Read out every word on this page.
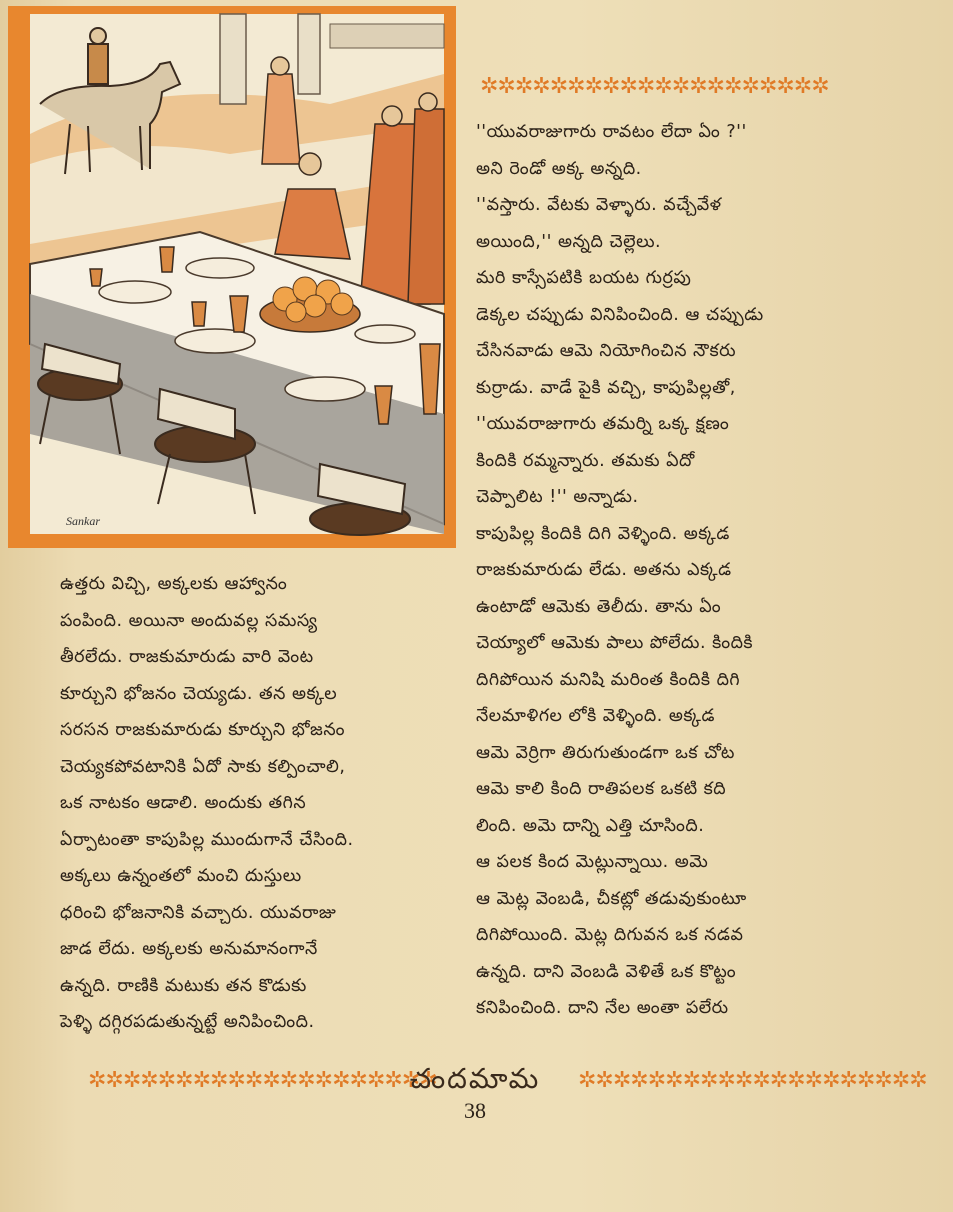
Sankar
✲✲✲✲✲✲✲✲✲✲✲✲✲✲✲✲✲✲✲✲

''యువరాజుగారు రావటం లేదా ఏం ?''

అని రెండో అక్క అన్నది.

''వస్తారు. వేటకు వెళ్ళారు. వచ్చేవేళ

అయింది,'' అన్నది చెల్లెలు.

మరి కాస్సేపటికి బయట గుర్రపు

డెక్కల చప్పుడు వినిపించింది. ఆ చప్పుడు

చేసినవాడు ఆమె నియోగించిన నౌకరు

కుర్రాడు. వాడే పైకి వచ్చి, కాపుపిల్లతో,

''యువరాజుగారు తమర్ని ఒక్క క్షణం

కిందికి రమ్మన్నారు. తమకు ఏదో

చెప్పాలిట !'' అన్నాడు.

కాపుపిల్ల కిందికి దిగి వెళ్ళింది. అక్కడ

రాజకుమారుడు లేడు. అతను ఎక్కడ

ఉంటాడో ఆమెకు తెలీదు. తాను ఏం

చెయ్యాలో ఆమెకు పాలు పోలేదు. కిందికి

దిగిపోయిన మనిషి మరింత కిందికి దిగి

నేలమాళిగల లోకి వెళ్ళింది. అక్కడ

ఆమె వెర్రిగా తిరుగుతుండగా ఒక చోట

ఆమె కాలి కింది రాతిపలక ఒకటి కది

లింది. అమె దాన్ని ఎత్తి చూసింది.

ఆ పలక కింద మెట్లున్నాయి. అమె

ఆ మెట్ల వెంబడి, చీకట్లో తడువుకుంటూ

దిగిపోయింది. మెట్ల దిగువన ఒక నడవ

ఉన్నది. దాని వెంబడి వెళితే ఒక కొట్టం

కనిపించింది. దాని నేల అంతా పలేరు

ఉత్తరు విచ్చి, అక్కలకు ఆహ్వానం

పంపింది. అయినా అందువల్ల సమస్య

తీరలేదు. రాజకుమారుడు వారి వెంట

కూర్చుని భోజనం చెయ్యడు. తన అక్కల

సరసన రాజకుమారుడు కూర్చుని భోజనం

చెయ్యకపోవటానికి ఏదో సాకు కల్పించాలి,

ఒక నాటకం ఆడాలి. అందుకు తగిన

ఏర్పాటంతా కాపుపిల్ల ముందుగానే చేసింది.

అక్కలు ఉన్నంతలో మంచి దుస్తులు

ధరించి భోజనానికి వచ్చారు. యువరాజు

జాడ లేదు. అక్కలకు అనుమానంగానే

ఉన్నది. రాణికి మటుకు తన కొడుకు

పెళ్ళి దగ్గిరపడుతున్నట్టే అనిపించింది.

✲✲✲✲✲✲✲✲✲✲✲✲✲✲✲✲✲✲✲✲
చందమామ	✲✲✲✲✲✲✲✲✲✲✲✲✲✲✲✲✲✲✲✲
38
